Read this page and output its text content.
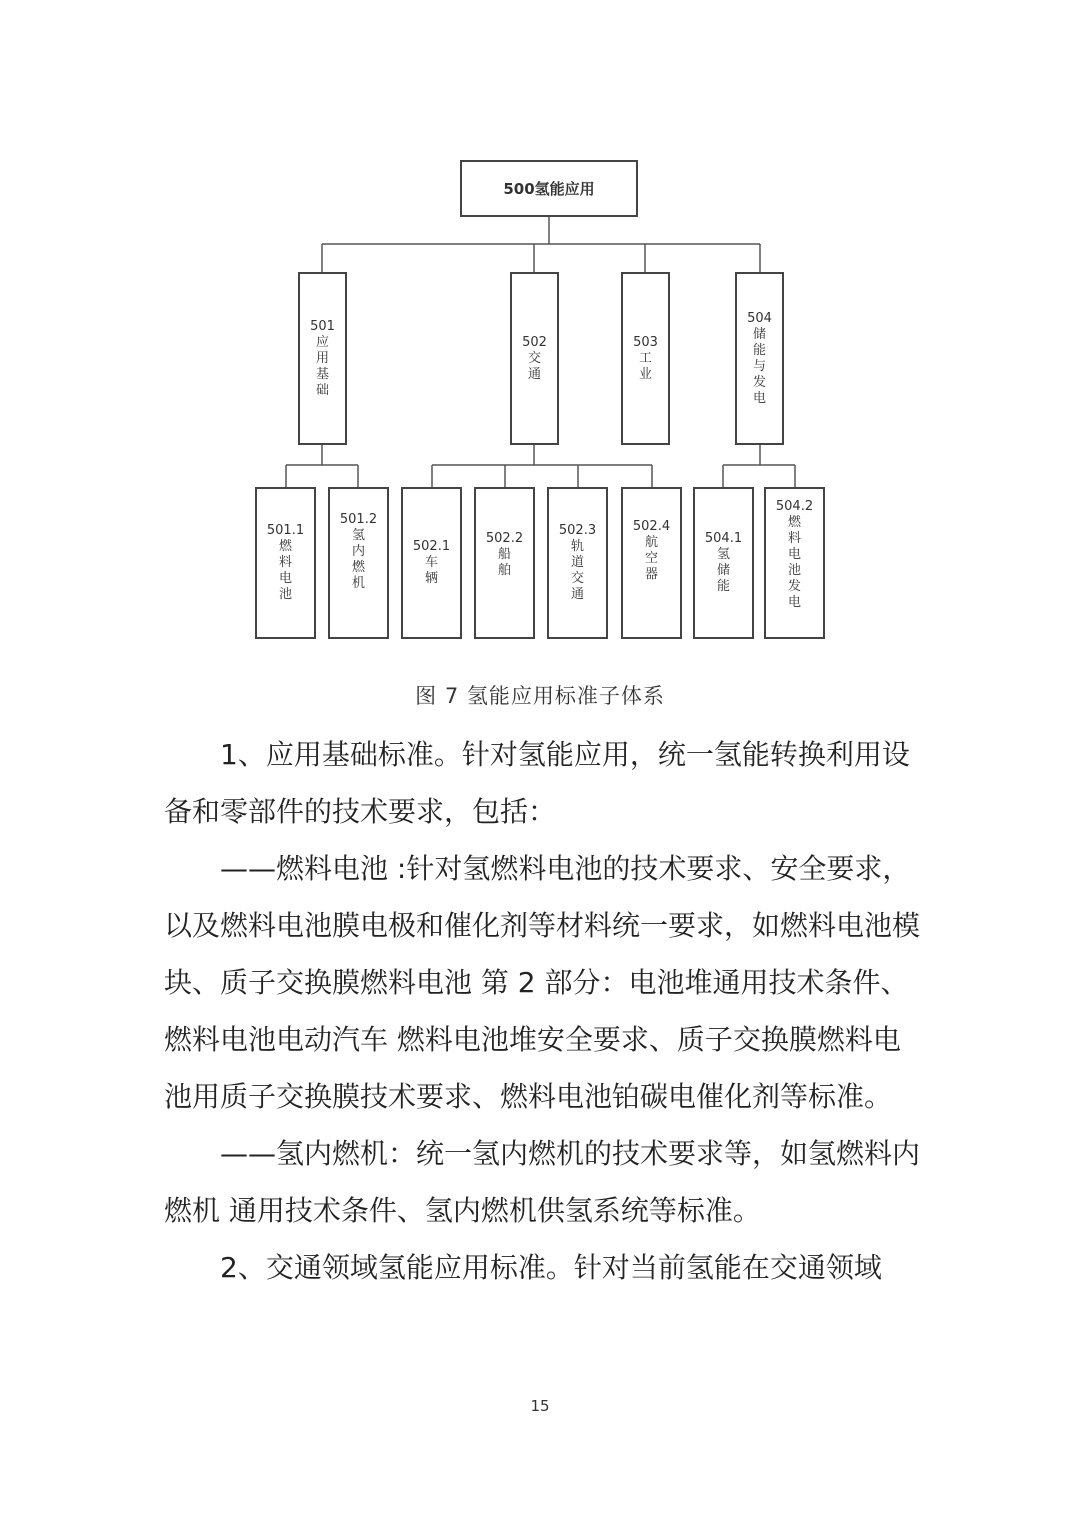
500氢能应用
501
应
用
基
础
502
交
通
503
工
业
504
储
能
与
发
电
501.1
燃
料
电
池
501.2
氢
内
燃
机
502.1
车
辆
502.2
船
舶
502.3
轨
道
交
通
502.4
航
空
器
504.1
氢
储
能
504.2
燃
料
电
池
发
电
图 7 氢能应用标准子体系

1、应用基础标准。针对氢能应用，统一氢能转换利用设备和零部件的技术要求，包括：

——燃料电池 :针对氢燃料电池的技术要求、安全要求，以及燃料电池膜电极和催化剂等材料统一要求，如燃料电池模块、质子交换膜燃料电池 第 2 部分：电池堆通用技术条件、燃料电池电动汽车 燃料电池堆安全要求、质子交换膜燃料电池用质子交换膜技术要求、燃料电池铂碳电催化剂等标准。

——氢内燃机：统一氢内燃机的技术要求等，如氢燃料内燃机 通用技术条件、氢内燃机供氢系统等标准。

2、交通领域氢能应用标准。针对当前氢能在交通领域

15
